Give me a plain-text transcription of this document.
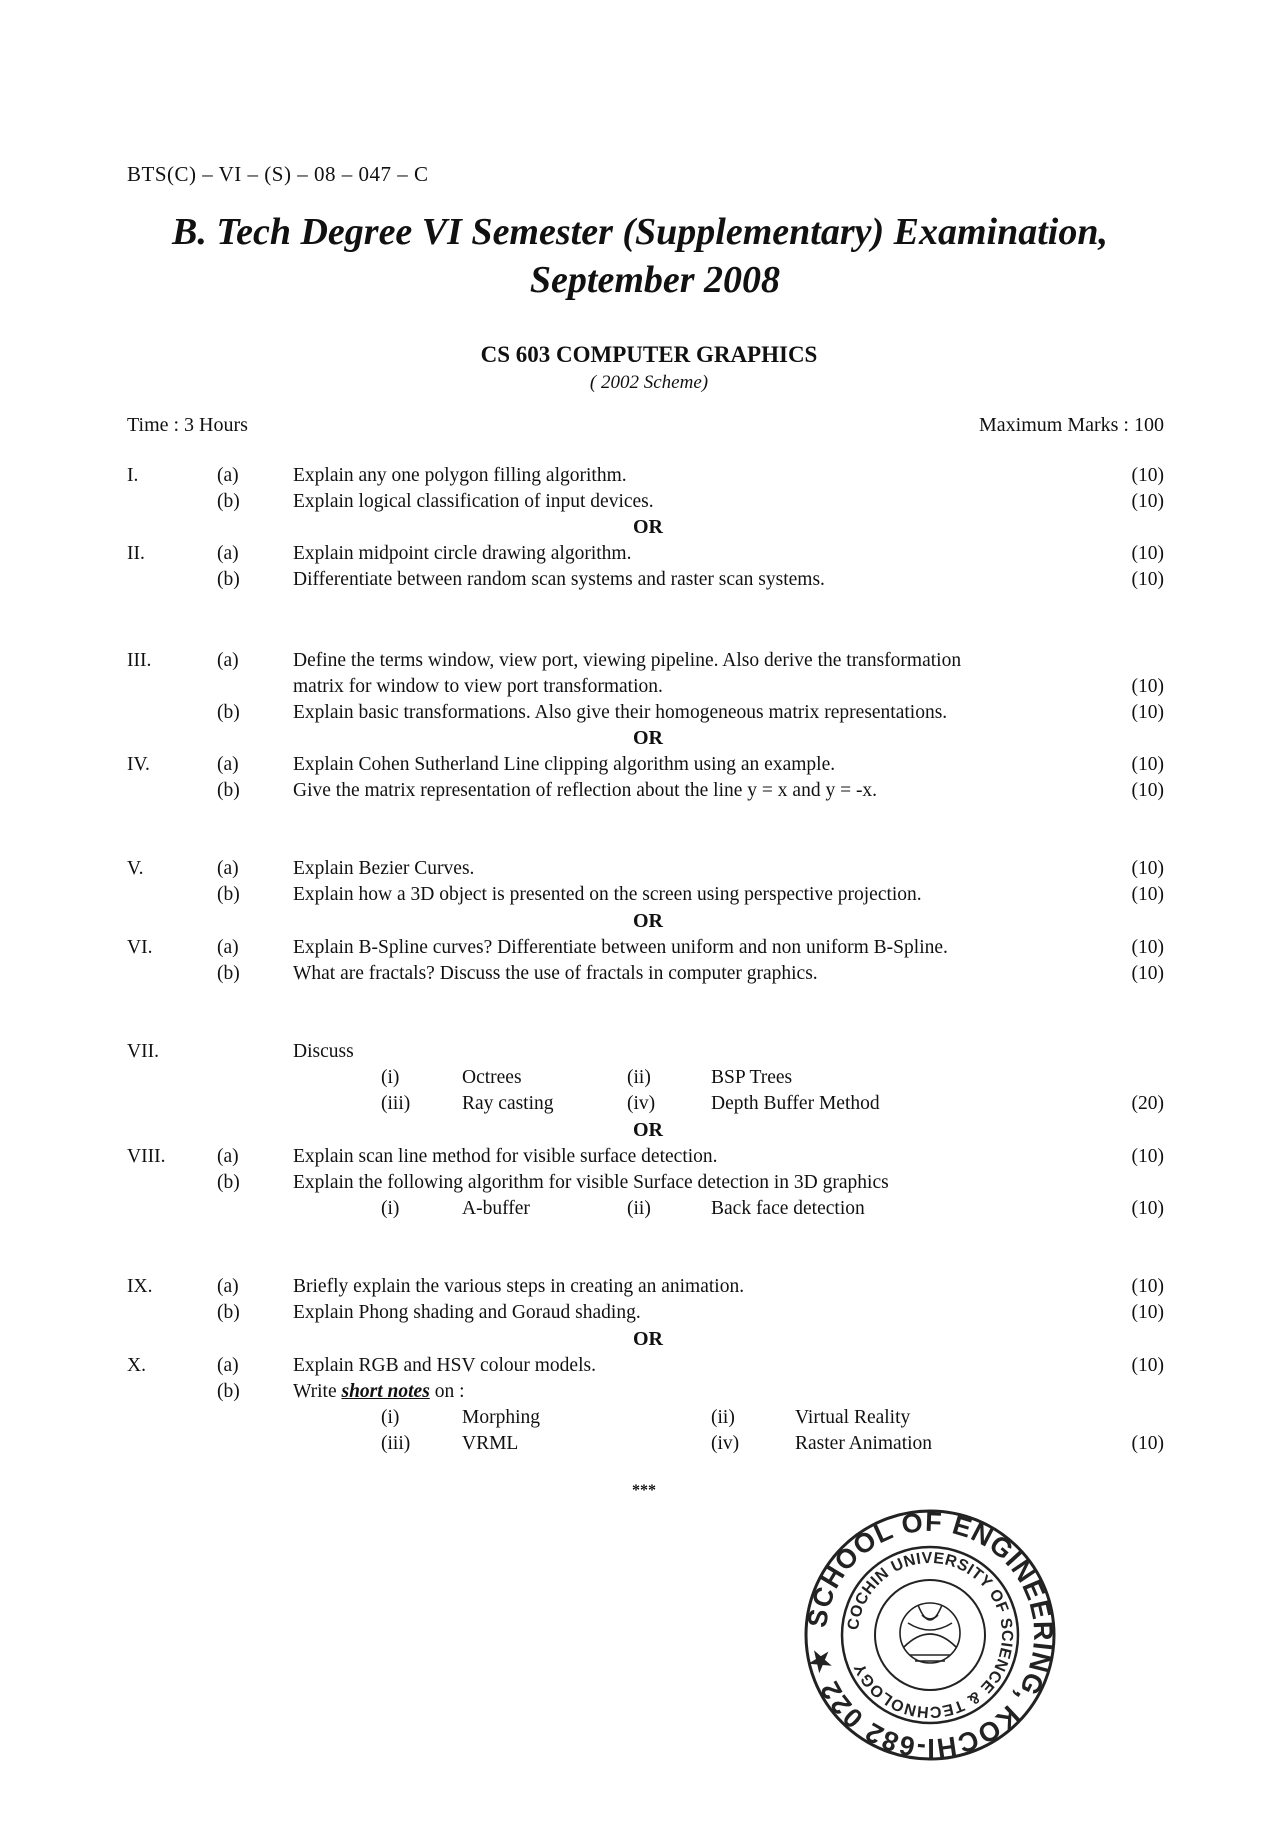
BTS(C) – VI – (S) – 08 – 047 – C
B. Tech Degree VI Semester (Supplementary) Examination,
September 2008
CS 603 COMPUTER GRAPHICS
( 2002 Scheme)
Time : 3 Hours	Maximum Marks : 100
I.	(a)	Explain any one polygon filling algorithm.	(10)
(b)	Explain logical classification of input devices.	(10)
OR
II.	(a)	Explain midpoint circle drawing algorithm.	(10)
(b)	Differentiate between random scan systems and raster scan systems.	(10)
III.	(a)	Define the terms window, view port, viewing pipeline. Also derive the transformation
matrix for window to view port transformation.	(10)
(b)	Explain basic transformations. Also give their homogeneous matrix representations.	(10)
OR
IV.	(a)	Explain Cohen Sutherland Line clipping algorithm using an example.	(10)
(b)	Give the matrix representation of reflection about the line y = x and y = -x.	(10)
V.	(a)	Explain Bezier Curves.	(10)
(b)	Explain how a 3D object is presented on the screen using perspective projection.	(10)
OR
VI.	(a)	Explain B-Spline curves? Differentiate between uniform and non uniform B-Spline.	(10)
(b)	What are fractals? Discuss the use of fractals in computer graphics.	(10)
VII.	Discuss
(i)	Octrees	(ii)	BSP Trees
(iii)	Ray casting	(iv)	Depth Buffer Method	(20)
OR
VIII.	(a)	Explain scan line method for visible surface detection.	(10)
(b)	Explain the following algorithm for visible Surface detection in 3D graphics
(i)	A-buffer	(ii)	Back face detection	(10)
IX.	(a)	Briefly explain the various steps in creating an animation.	(10)
(b)	Explain Phong shading and Goraud shading.	(10)
OR
X.	(a)	Explain RGB and HSV colour models.	(10)
(b)	Write short notes on :
(i)	Morphing	(ii)	Virtual Reality
(iii)	VRML	(iv)	Raster Animation	(10)
***
SCHOOL OF ENGINEERING, KOCHI-682 022 ★
COCHIN UNIVERSITY OF SCIENCE & TECHNOLOGY
